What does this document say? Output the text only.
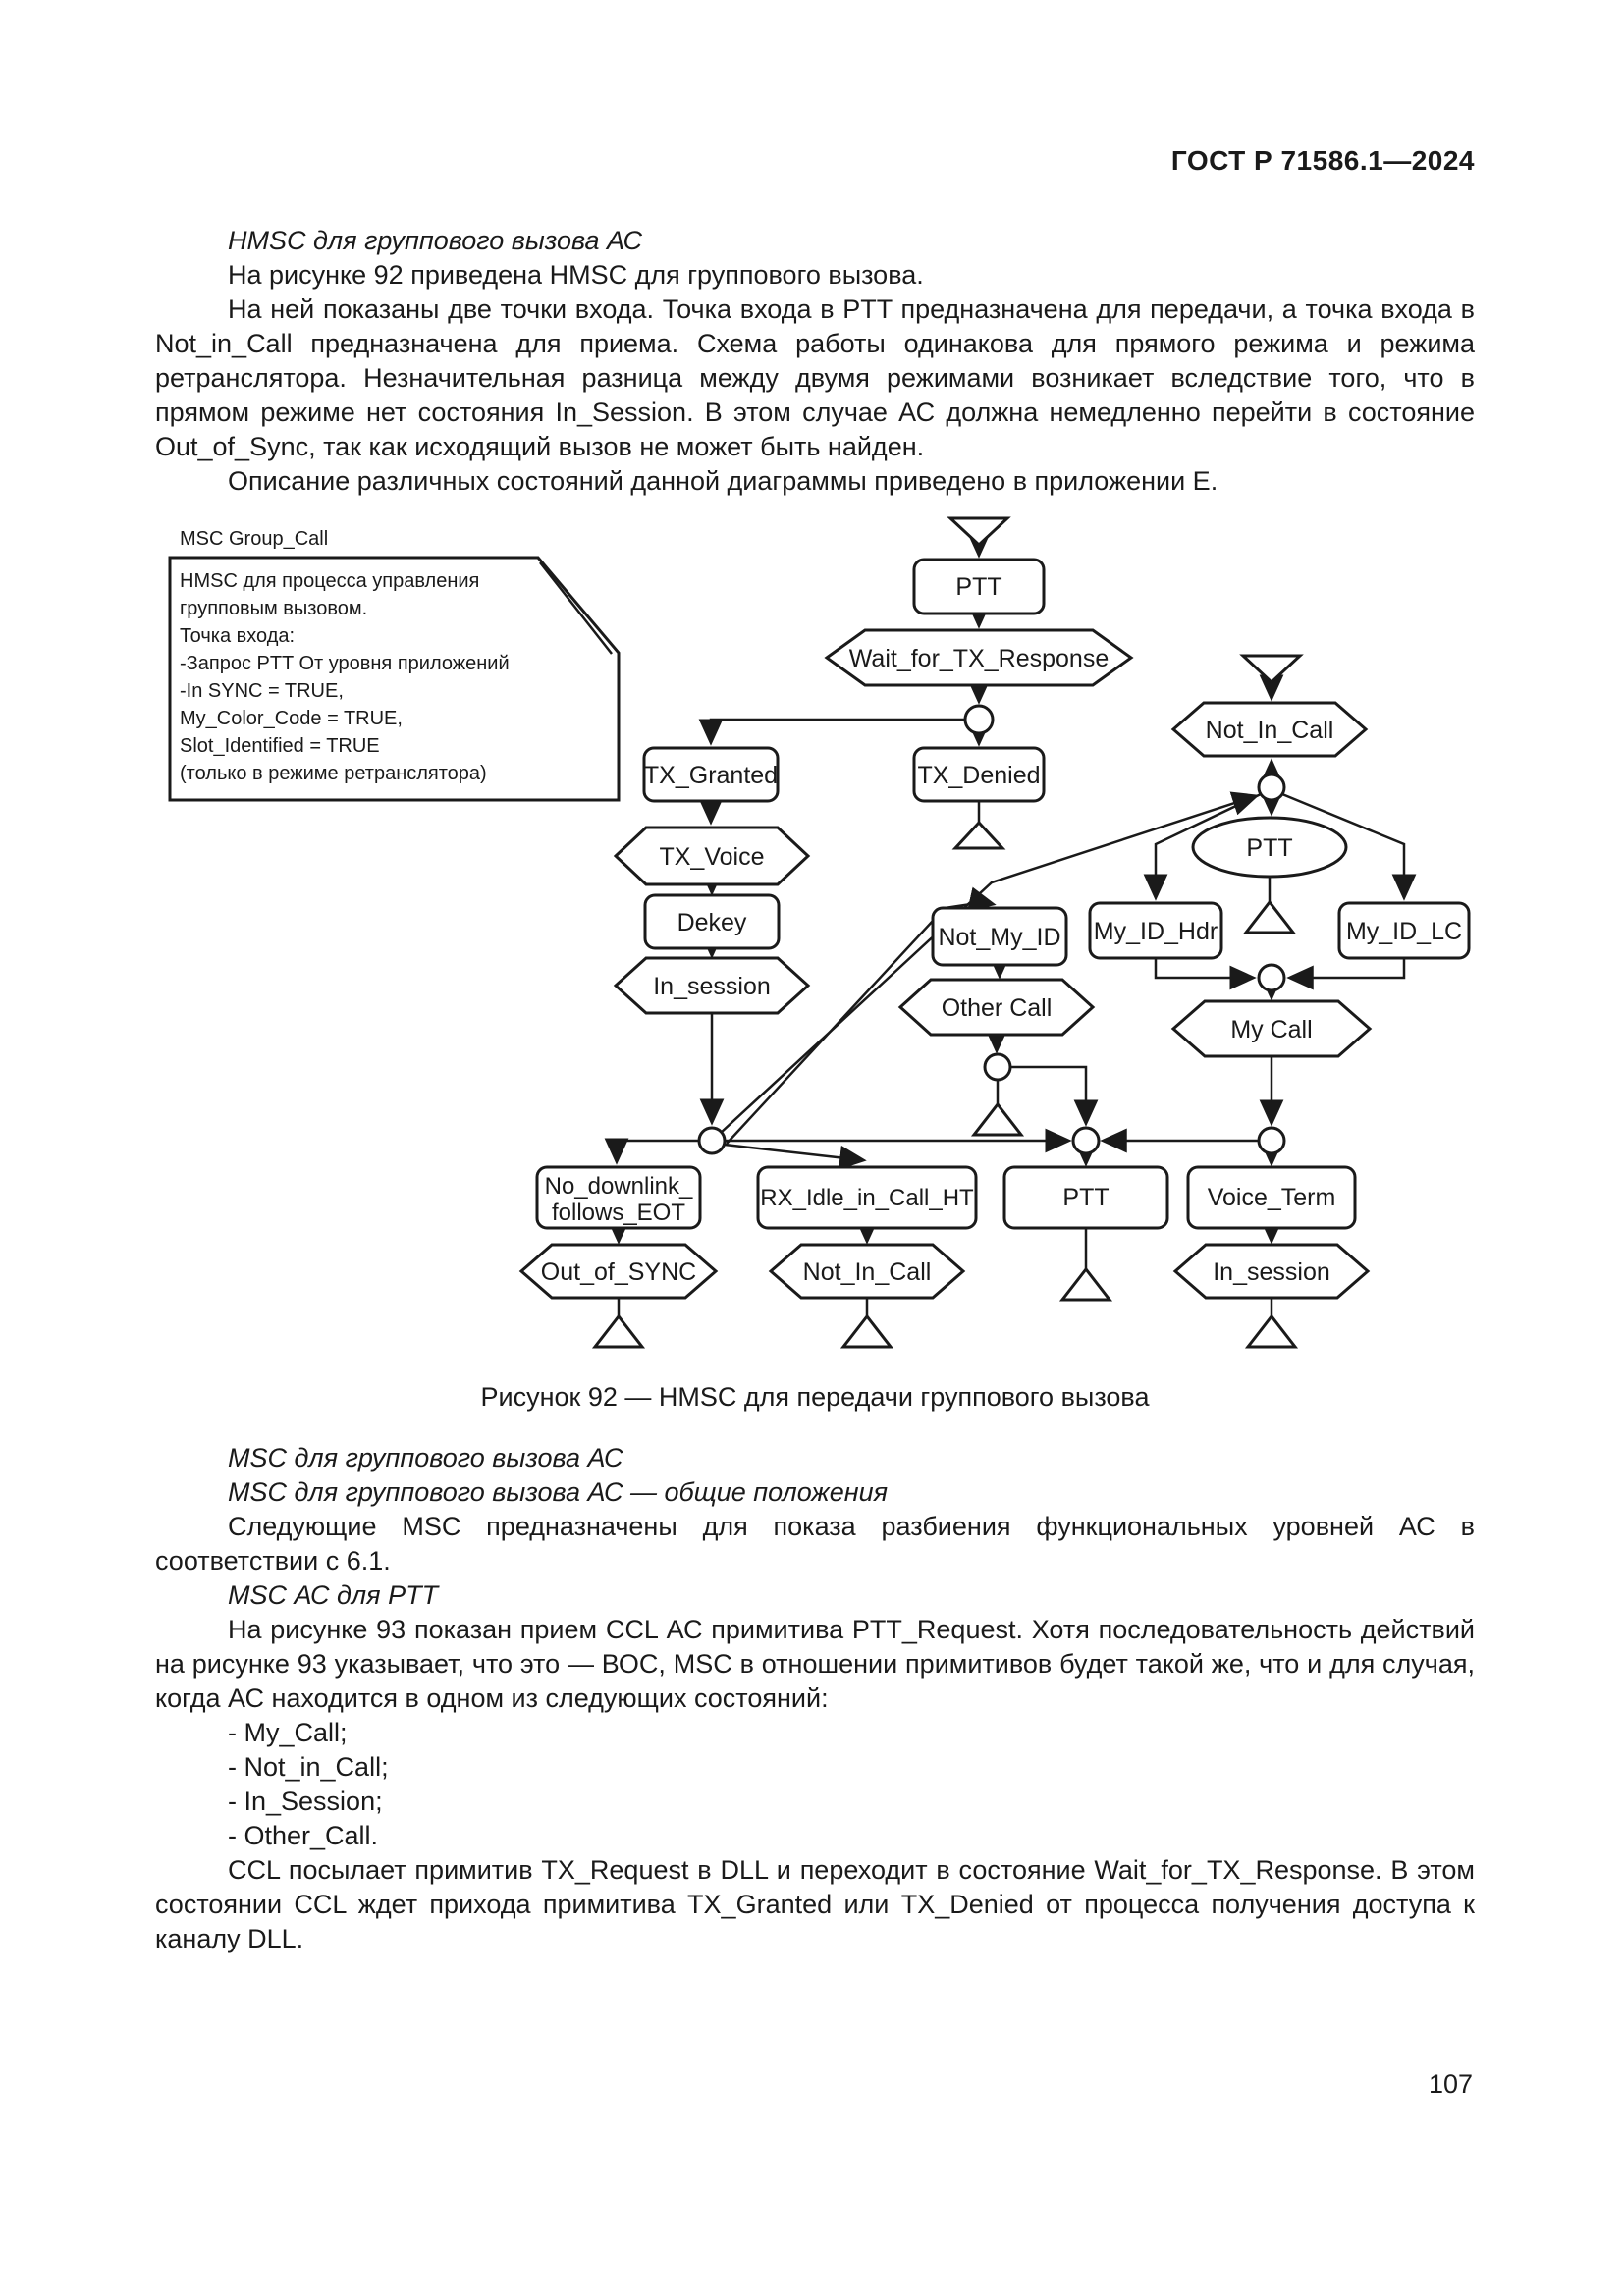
ГОСТ Р 71586.1—2024

HMSC для группового вызова АС

На рисунке 92 приведена HMSC для группового вызова.

На ней показаны две точки входа. Точка входа в PTT предназначена для передачи, а точка входа в Not_in_Call предназначена для приема. Схема работы одинакова для прямого режима и режима ретранслятора. Незначительная разница между двумя режимами возникает вследствие того, что в прямом режиме нет состояния In_Session. В этом случае АС должна немедленно перейти в состояние Out_of_Sync, так как исходящий вызов не может быть найден.

Описание различных состояний данной диаграммы приведено в приложении Е.

MSC Group_Call
HMSC для процесса управления
групповым вызовом.
Точка входа:
-Запрос PTT От уровня приложений
-In SYNC = TRUE,
My_Color_Code = TRUE,
Slot_Identified = TRUE
(только в режиме ретранслятора)
PTT
Wait_for_TX_Response
TX_Granted	TX_Denied
TX_Voice
Dekey
In_session
Not_In_Call
PTT
My_ID_Hdr	My_ID_LC
My Call
Not_My_ID
Other Call
No_downlink_
follows_EOT
RX_Idle_in_Call_HT	PTT	Voice_Term
Out_of_SYNC	Not_In_Call	In_session
Рисунок 92 — HMSC для передачи группового вызова

MSC для группового вызова АС

MSC для группового вызова АС — общие положения

Следующие MSC предназначены для показа разбиения функциональных уровней АС в соответствии с 6.1.

MSC АС для PTT

На рисунке 93 показан прием CCL АС примитива PTT_Request. Хотя последовательность действий на рисунке 93 указывает, что это — ВОС, MSC в отношении примитивов будет такой же, что и для случая, когда АС находится в одном из следующих состояний:

- My_Call;

- Not_in_Call;

- In_Session;

- Other_Call.

CCL посылает примитив TX_Request в DLL и переходит в состояние Wait_for_TX_Response. В этом состоянии CCL ждет прихода примитива TX_Granted или TX_Denied от процесса получения доступа к каналу DLL.

107
